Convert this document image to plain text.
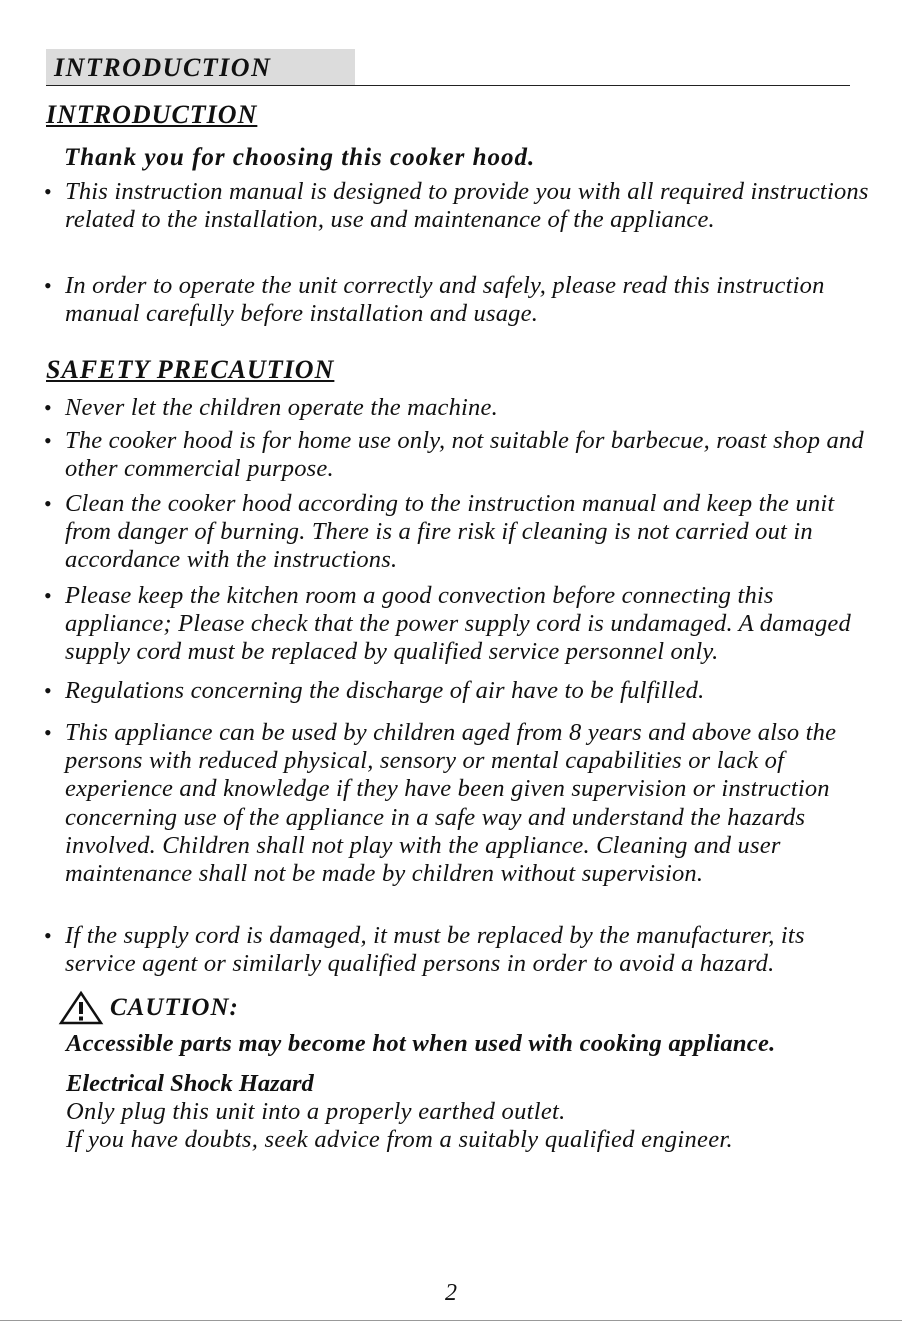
INTRODUCTION
INTRODUCTION
Thank you for choosing this cooker hood.
• This instruction manual is designed to provide you with all required instructions related to the installation, use and maintenance of the appliance.
• In order to operate the unit correctly and safely, please read this instruction manual carefully before installation and usage.
SAFETY PRECAUTION
• Never let the children operate the machine.
• The cooker hood is for home use only, not suitable for barbecue, roast shop and other commercial purpose.
• Clean the cooker hood according to the instruction manual and keep the unit from danger of burning. There is a fire risk if cleaning is not carried out in accordance with the instructions.
• Please keep the kitchen room a good convection before connecting this appliance; Please check that the power supply cord is undamaged. A damaged supply cord must be replaced by qualified service personnel only.
• Regulations concerning the discharge of air have to be fulfilled.
• This appliance can be used by children aged from 8 years and above also the persons with reduced physical, sensory or mental capabilities or lack of experience and knowledge if they have been given supervision or instruction concerning use of the appliance in a safe way and understand the hazards involved. Children shall not play with the appliance. Cleaning and user maintenance shall not be made by children without supervision.
• If the supply cord is damaged, it must be replaced by the manufacturer, its service agent or similarly qualified persons in order to avoid a hazard.
CAUTION:
Accessible parts may become hot when used with cooking appliance.
Electrical Shock Hazard
Only plug this unit into a properly earthed outlet.
If you have doubts, seek advice from a suitably qualified engineer.
2
